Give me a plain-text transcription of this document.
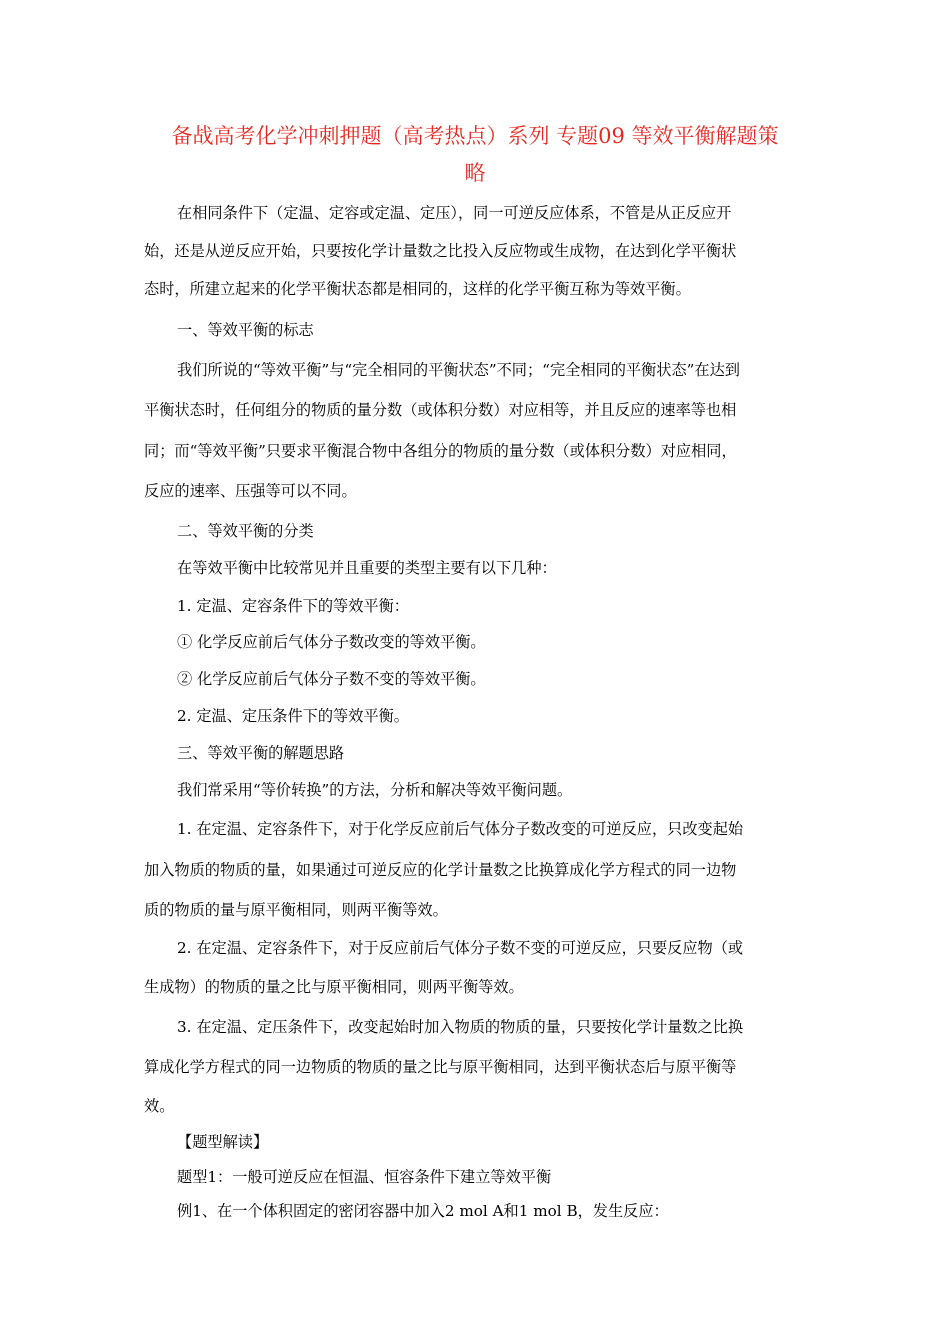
备战高考化学冲刺押题（高考热点）系列 专题09 等效平衡解题策
略
在相同条件下（定温、定容或定温、定压），同一可逆反应体系，不管是从正反应开
始，还是从逆反应开始，只要按化学计量数之比投入反应物或生成物，在达到化学平衡状
态时，所建立起来的化学平衡状态都是相同的，这样的化学平衡互称为等效平衡。
一、等效平衡的标志
我们所说的“等效平衡”与“完全相同的平衡状态”不同；“完全相同的平衡状态”在达到
平衡状态时，任何组分的物质的量分数（或体积分数）对应相等，并且反应的速率等也相
同；而“等效平衡”只要求平衡混合物中各组分的物质的量分数（或体积分数）对应相同，
反应的速率、压强等可以不同。
二、等效平衡的分类
在等效平衡中比较常见并且重要的类型主要有以下几种：
1. 定温、定容条件下的等效平衡：
① 化学反应前后气体分子数改变的等效平衡。
② 化学反应前后气体分子数不变的等效平衡。
2. 定温、定压条件下的等效平衡。
三、等效平衡的解题思路
我们常采用“等价转换”的方法，分析和解决等效平衡问题。
1. 在定温、定容条件下，对于化学反应前后气体分子数改变的可逆反应，只改变起始
加入物质的物质的量，如果通过可逆反应的化学计量数之比换算成化学方程式的同一边物
质的物质的量与原平衡相同，则两平衡等效。
2. 在定温、定容条件下，对于反应前后气体分子数不变的可逆反应，只要反应物（或
生成物）的物质的量之比与原平衡相同，则两平衡等效。
3. 在定温、定压条件下，改变起始时加入物质的物质的量，只要按化学计量数之比换
算成化学方程式的同一边物质的物质的量之比与原平衡相同，达到平衡状态后与原平衡等
效。
【题型解读】
题型1：一般可逆反应在恒温、恒容条件下建立等效平衡
例1、在一个体积固定的密闭容器中加入2 mol A和1 mol B，发生反应：
